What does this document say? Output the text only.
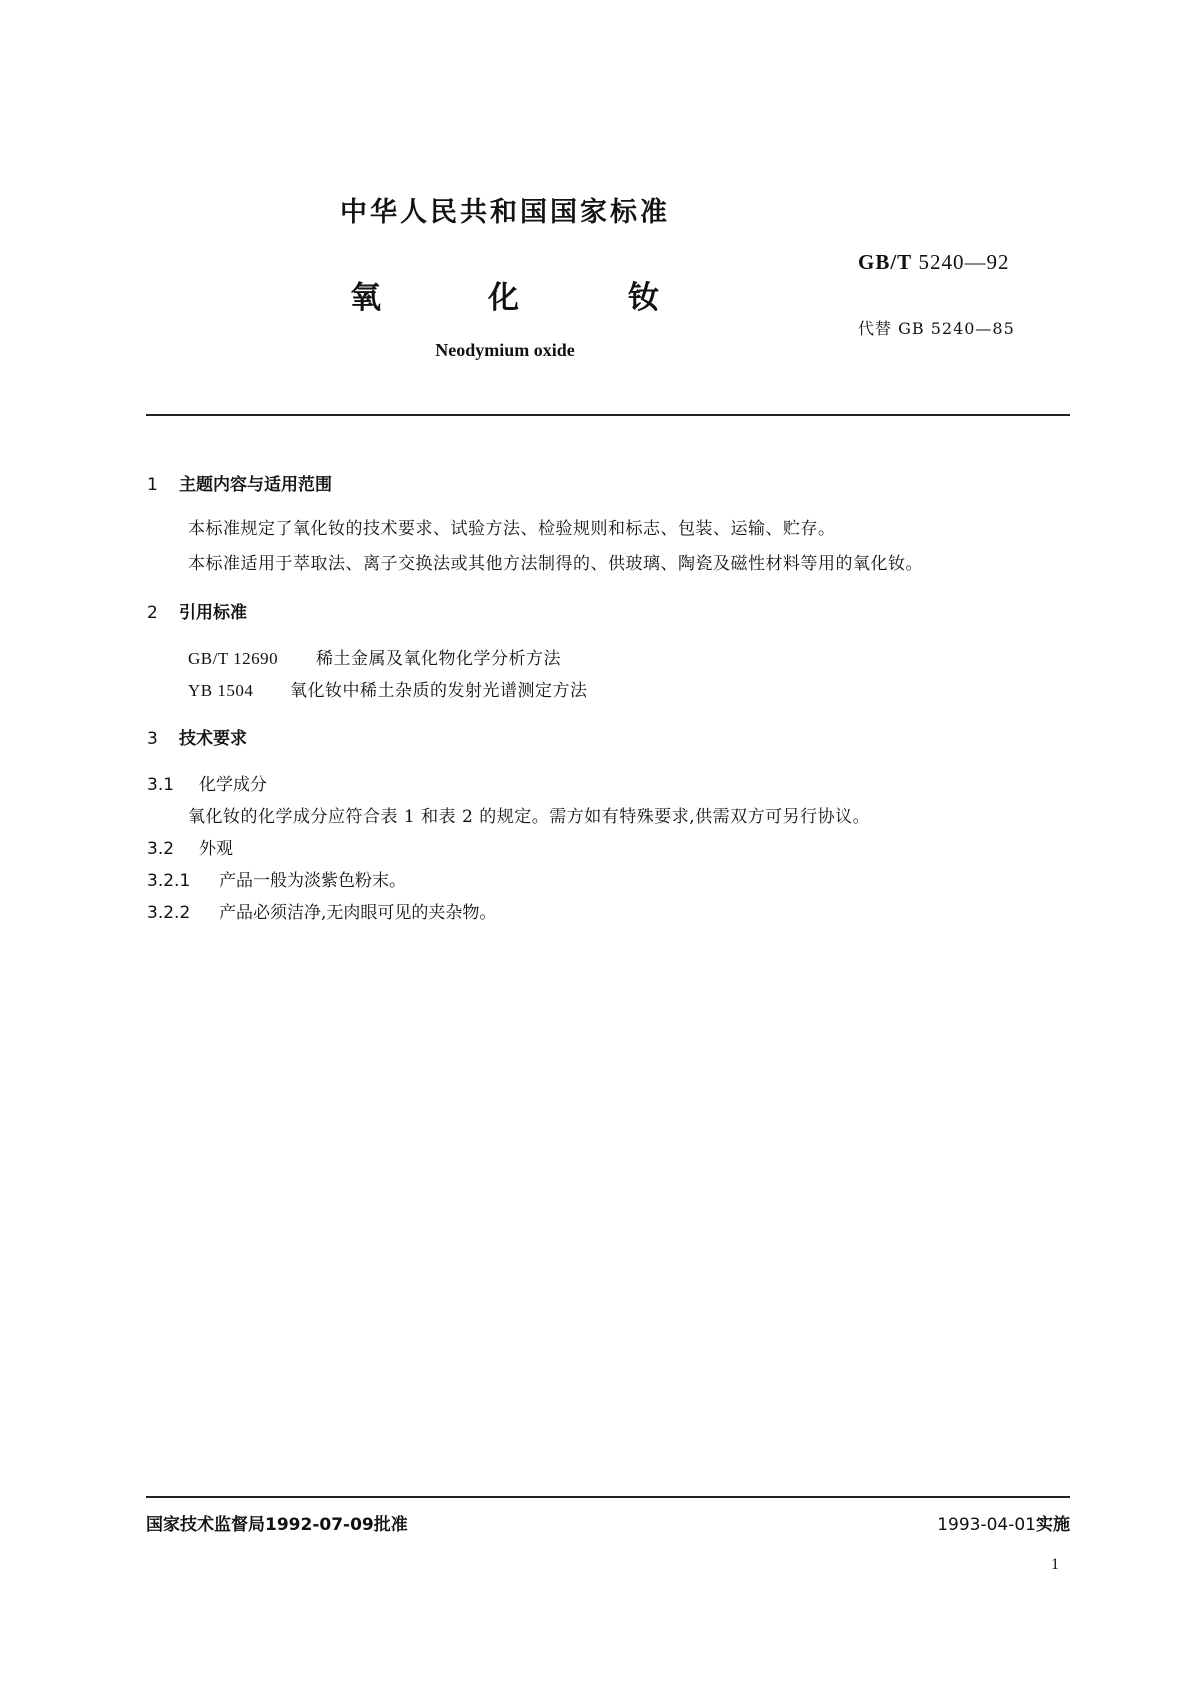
中华人民共和国国家标准
GB/T 5240—92
代替 GB 5240—85
氧	化	钕
Neodymium oxide
1 主题内容与适用范围
本标准规定了氧化钕的技术要求、试验方法、检验规则和标志、包装、运输、贮存。
本标准适用于萃取法、离子交换法或其他方法制得的、供玻璃、陶瓷及磁性材料等用的氧化钕。
2 引用标准
GB/T 12690 稀土金属及氧化物化学分析方法
YB 1504 氧化钕中稀土杂质的发射光谱测定方法
3 技术要求
3.1 化学成分
氧化钕的化学成分应符合表 1 和表 2 的规定。需方如有特殊要求,供需双方可另行协议。
3.2 外观
3.2.1 产品一般为淡紫色粉末。
3.2.2 产品必须洁净,无肉眼可见的夹杂物。
国家技术监督局1992-07-09批准	1993-04-01实施
1
